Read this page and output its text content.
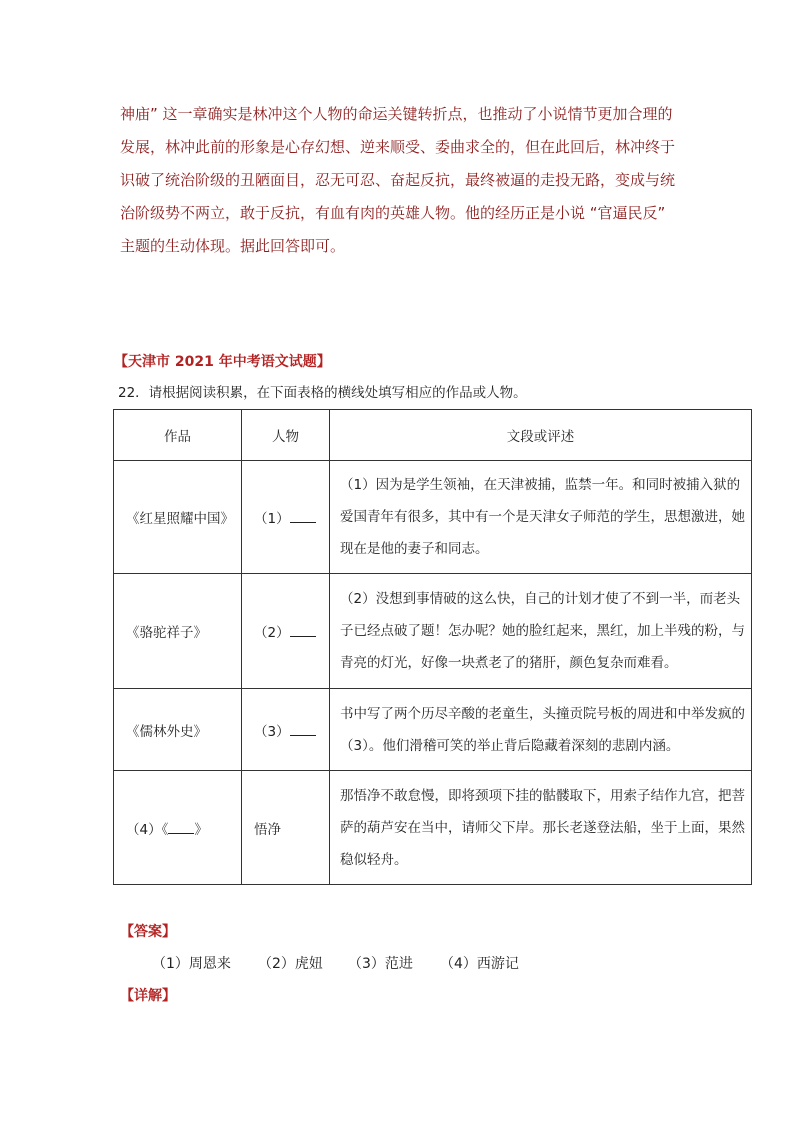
神庙” 这一章确实是林冲这个人物的命运关键转折点，也推动了小说情节更加合理的发展，林冲此前的形象是心存幻想、逆来顺受、委曲求全的，但在此回后，林冲终于识破了统治阶级的丑陋面目，忍无可忍、奋起反抗，最终被逼的走投无路，变成与统治阶级势不两立，敢于反抗，有血有肉的英雄人物。他的经历正是小说 “官逼民反” 主题的生动体现。据此回答即可。

【天津市 2021 年中考语文试题】

22．请根据阅读积累，在下面表格的横线处填写相应的作品或人物。

作品	人物	文段或评述
《红星照耀中国》	（1）	（1）因为是学生领袖，在天津被捕，监禁一年。和同时被捕入狱的爱国青年有很多，其中有一个是天津女子师范的学生，思想激进，她现在是他的妻子和同志。
《骆驼祥子》	（2）	（2）没想到事情破的这么快，自己的计划才使了不到一半，而老头子已经点破了题！怎办呢？她的脸红起来，黑红，加上半残的粉，与青亮的灯光，好像一块煮老了的猪肝，颜色复杂而难看。
《儒林外史》	（3）	书中写了两个历尽辛酸的老童生，头撞贡院号板的周进和中举发疯的（3）。他们滑稽可笑的举止背后隐藏着深刻的悲剧内涵。
（4）《 》	悟净	那悟净不敢怠慢，即将颈项下挂的骷髅取下，用索子结作九宫，把菩萨的葫芦安在当中，请师父下岸。那长老遂登法船，坐于上面，果然稳似轻舟。

【答案】

（1）周恩来	（2）虎妞	（3）范进	（4）西游记

【详解】
